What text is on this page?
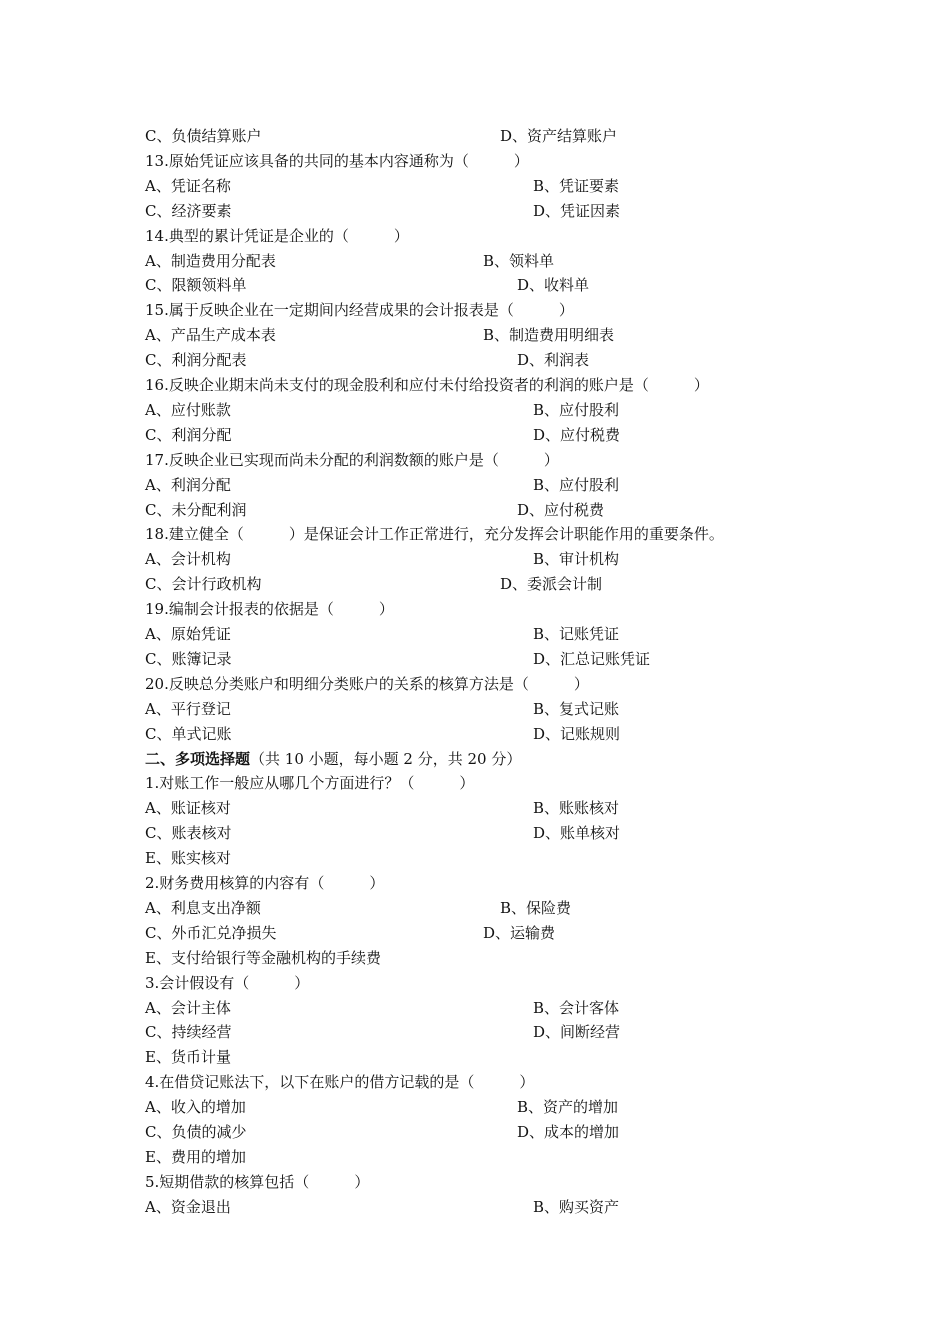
C、负债结算账户	D、资产结算账户
13.原始凭证应该具备的共同的基本内容通称为（　　　）
A、凭证名称	B、凭证要素
C、经济要素	D、凭证因素
14.典型的累计凭证是企业的（　　　）
A、制造费用分配表	B、领料单
C、限额领料单	D、收料单
15.属于反映企业在一定期间内经营成果的会计报表是（　　　）
A、产品生产成本表	B、制造费用明细表
C、利润分配表	D、利润表
16.反映企业期末尚未支付的现金股利和应付未付给投资者的利润的账户是（　　　）
A、应付账款	B、应付股利
C、利润分配	D、应付税费
17.反映企业已实现而尚未分配的利润数额的账户是（　　　）
A、利润分配	B、应付股利
C、未分配利润	D、应付税费
18.建立健全（　　　）是保证会计工作正常进行，充分发挥会计职能作用的重要条件。
A、会计机构	B、审计机构
C、会计行政机构	D、委派会计制
19.编制会计报表的依据是（　　　）
A、原始凭证	B、记账凭证
C、账簿记录	D、汇总记账凭证
20.反映总分类账户和明细分类账户的关系的核算方法是（　　　）
A、平行登记	B、复式记账
C、单式记账	D、记账规则
二、多项选择题（共 10 小题，每小题 2 分，共 20 分）
1.对账工作一般应从哪几个方面进行？（　　　）
A、账证核对	B、账账核对
C、账表核对	D、账单核对
E、账实核对
2.财务费用核算的内容有（　　　）
A、利息支出净额	B、保险费
C、外币汇兑净损失	D、运输费
E、支付给银行等金融机构的手续费
3.会计假设有（　　　）
A、会计主体	B、会计客体
C、持续经营	D、间断经营
E、货币计量
4.在借贷记账法下，以下在账户的借方记载的是（　　　）
A、收入的增加	B、资产的增加
C、负债的减少	D、成本的增加
E、费用的增加
5.短期借款的核算包括（　　　）
A、资金退出	B、购买资产
